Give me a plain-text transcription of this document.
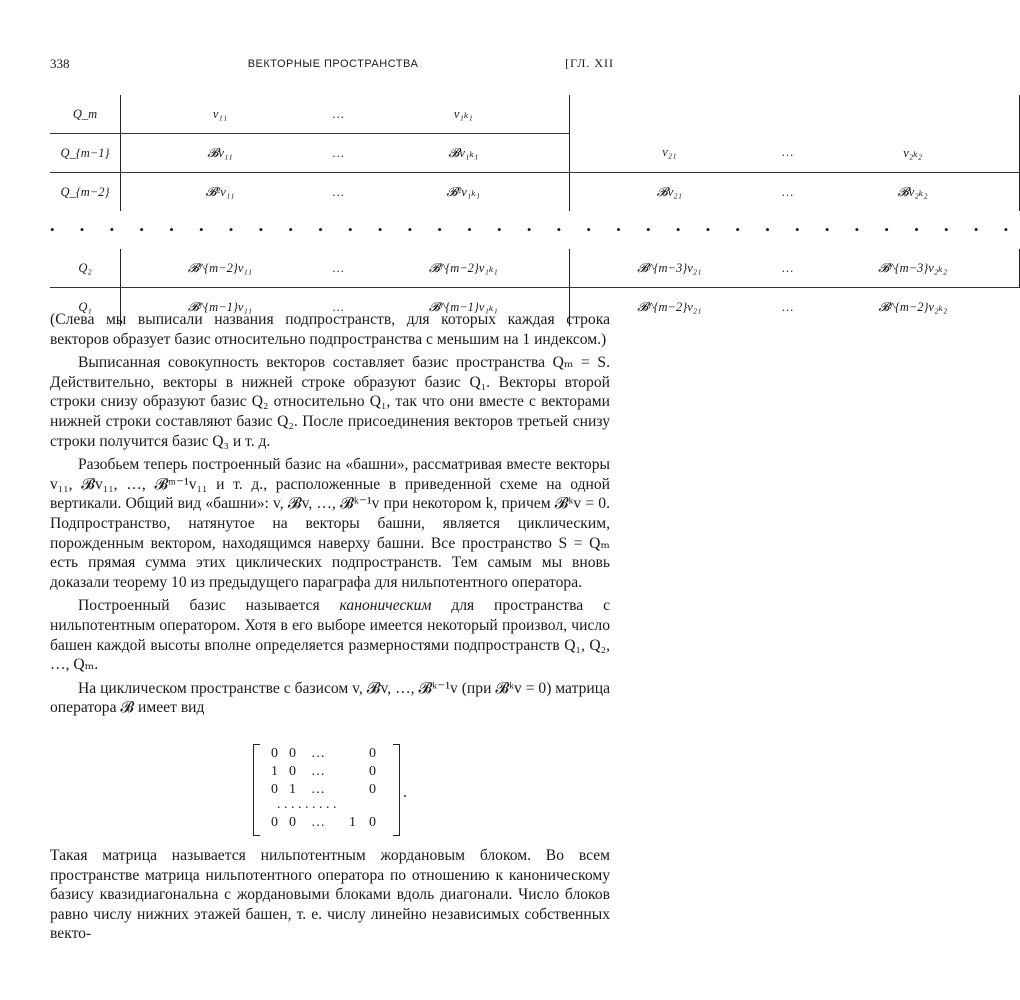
338	ВЕКТОРНЫЕ ПРОСТРАНСТВА	[ГЛ. XII
Q_m	v₁₁	…	v₁ₖ₁			
Q_{m−1}	𝓑v₁₁	…	𝓑v₁ₖ₁	v₂₁	…	v₂ₖ₂
Q_{m−2}	𝓑²v₁₁	…	𝓑²v₁ₖ₁	𝓑v₂₁	…	𝓑v₂ₖ₂
• • • • • • • • • • • • • • • • • • • • • • • • • • • • • • • • •						
Q₂	𝓑^{m−2}v₁₁	…	𝓑^{m−2}v₁ₖ₁	𝓑^{m−3}v₂₁	…	𝓑^{m−3}v₂ₖ₂
Q₁	𝓑^{m−1}v₁₁	…	𝓑^{m−1}v₁ₖ₁	𝓑^{m−2}v₂₁	…	𝓑^{m−2}v₂ₖ₂

(Слева мы выписали названия подпространств, для которых каждая строка векторов образует базис относительно подпространства с меньшим на 1 индексом.)

Выписанная совокупность векторов составляет базис пространства Qₘ = S. Действительно, векторы в нижней строке образуют базис Q₁. Векторы второй строки снизу образуют базис Q₂ относительно Q₁, так что они вместе с векторами нижней строки составляют базис Q₂. После присоединения векторов третьей снизу строки получится базис Q₃ и т. д.

Разобьем теперь построенный базис на «башни», рассматривая вместе векторы v₁₁, 𝓑v₁₁, …, 𝓑ᵐ⁻¹v₁₁ и т. д., расположенные в приведенной схеме на одной вертикали. Общий вид «башни»: v, 𝓑v, …, 𝓑ᵏ⁻¹v при некотором k, причем 𝓑ᵏv = 0. Подпространство, натянутое на векторы башни, является циклическим, порожденным вектором, находящимся наверху башни. Все пространство S = Qₘ есть прямая сумма этих циклических подпространств. Тем самым мы вновь доказали теорему 10 из предыдущего параграфа для нильпотентного оператора.

Построенный базис называется каноническим для пространства с нильпотентным оператором. Хотя в его выборе имеется некоторый произвол, число башен каждой высоты вполне определяется размерностями подпространств Q₁, Q₂, …, Qₘ.

На циклическом пространстве с базисом v, 𝓑v, …, 𝓑ᵏ⁻¹v (при 𝓑ᵏv = 0) матрица оператора 𝓑 имеет вид

0 0 …	0
1 0 …	0
0 1 …	0
. . . . . . . . .
0 0 … 1 0
.

Такая матрица называется нильпотентным жордановым блоком. Во всем пространстве матрица нильпотентного оператора по отношению к каноническому базису квазидиагональна с жордановыми блоками вдоль диагонали. Число блоков равно числу нижних этажей башен, т. е. числу линейно независимых собственных векто-
